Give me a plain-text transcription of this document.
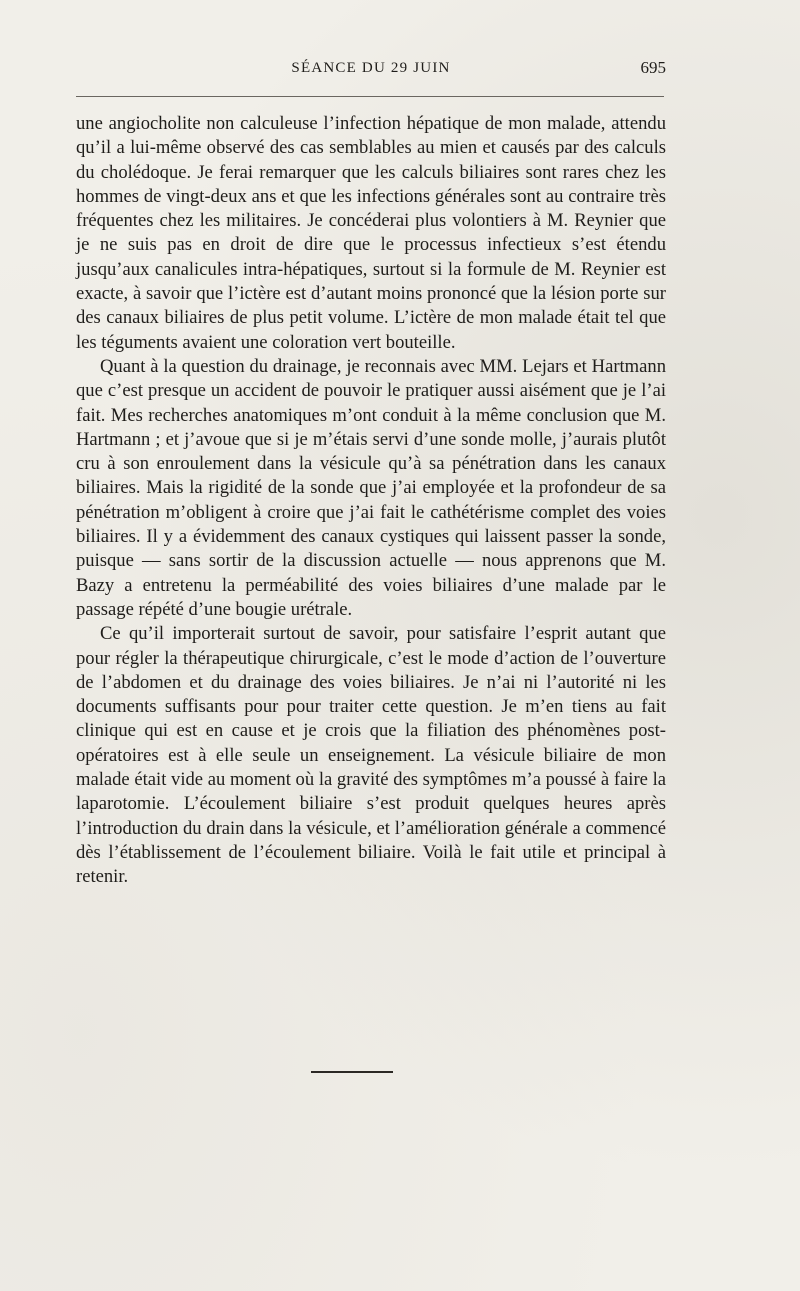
SÉANCE DU 29 JUIN	695

une angiocholite non calculeuse l’infection hépatique de mon malade, attendu qu’il a lui-même observé des cas semblables au mien et causés par des calculs du cholédoque. Je ferai remarquer que les calculs biliaires sont rares chez les hommes de vingt-deux ans et que les infections générales sont au contraire très fréquentes chez les militaires. Je concéderai plus volontiers à M. Reynier que je ne suis pas en droit de dire que le processus infectieux s’est étendu jusqu’aux canalicules intra-hépatiques, surtout si la formule de M. Reynier est exacte, à savoir que l’ictère est d’autant moins prononcé que la lésion porte sur des canaux biliaires de plus petit volume. L’ictère de mon malade était tel que les téguments avaient une coloration vert bouteille.

Quant à la question du drainage, je reconnais avec MM. Lejars et Hartmann que c’est presque un accident de pouvoir le pratiquer aussi aisément que je l’ai fait. Mes recherches anatomiques m’ont conduit à la même conclusion que M. Hartmann ; et j’avoue que si je m’étais servi d’une sonde molle, j’aurais plutôt cru à son enroulement dans la vésicule qu’à sa pénétration dans les canaux biliaires. Mais la rigidité de la sonde que j’ai employée et la profondeur de sa pénétration m’obligent à croire que j’ai fait le cathétérisme complet des voies biliaires. Il y a évidemment des canaux cystiques qui laissent passer la sonde, puisque — sans sortir de la discussion actuelle — nous apprenons que M. Bazy a entretenu la perméabilité des voies biliaires d’une malade par le passage répété d’une bougie urétrale.

Ce qu’il importerait surtout de savoir, pour satisfaire l’esprit autant que pour régler la thérapeutique chirurgicale, c’est le mode d’action de l’ouverture de l’abdomen et du drainage des voies biliaires. Je n’ai ni l’autorité ni les documents suffisants pour pour traiter cette question. Je m’en tiens au fait clinique qui est en cause et je crois que la filiation des phénomènes post-opératoires est à elle seule un enseignement. La vésicule biliaire de mon malade était vide au moment où la gravité des symptômes m’a poussé à faire la laparotomie. L’écoulement biliaire s’est produit quelques heures après l’introduction du drain dans la vésicule, et l’amélioration générale a commencé dès l’établissement de l’écoulement biliaire. Voilà le fait utile et principal à retenir.
